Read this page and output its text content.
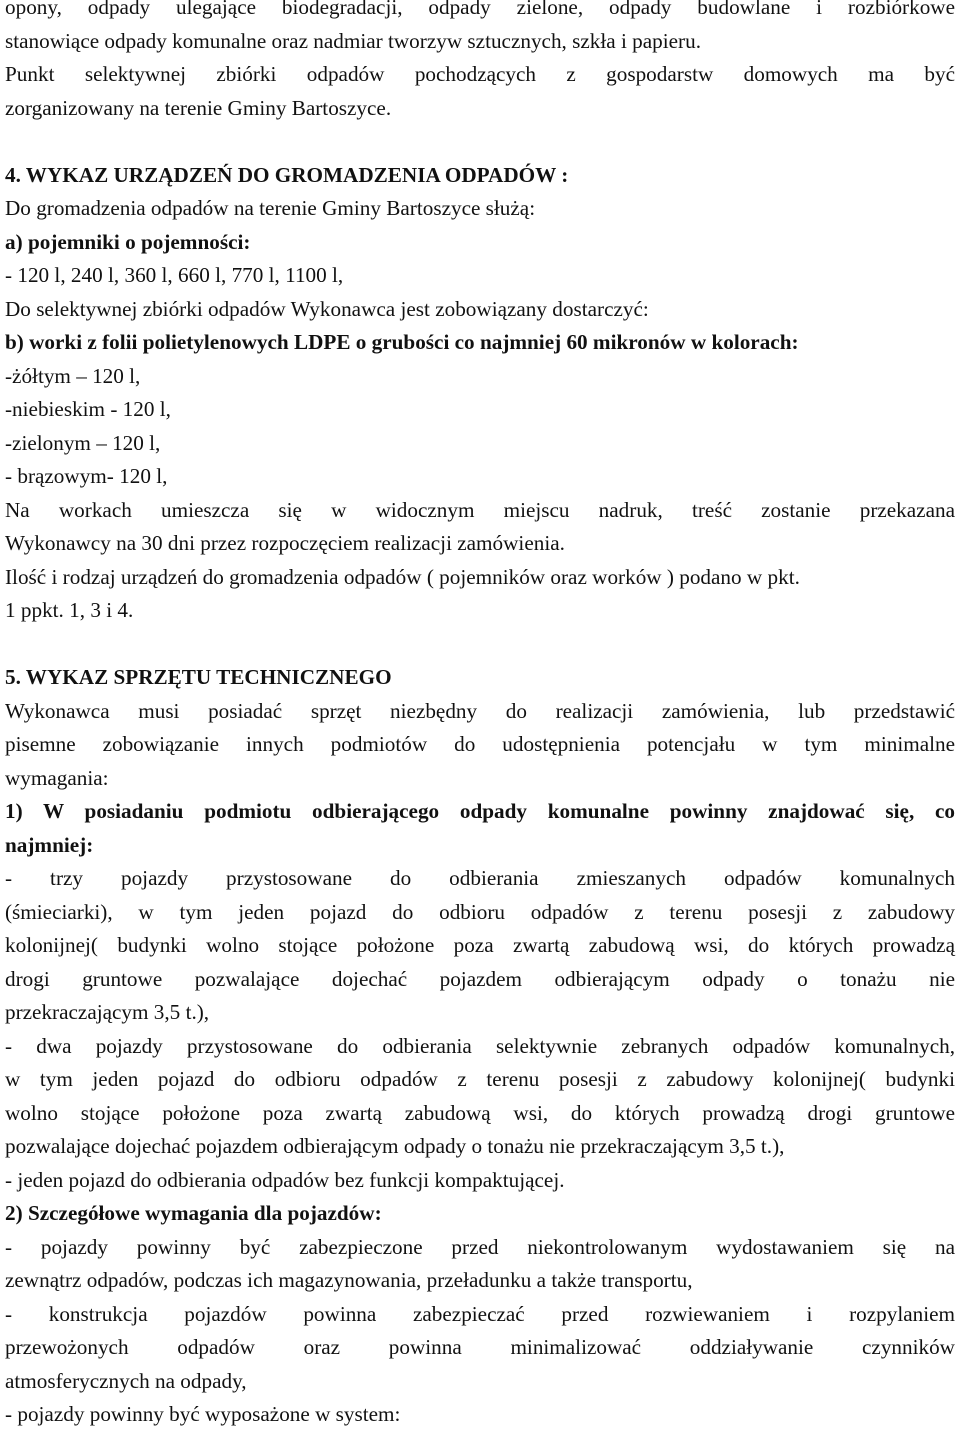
opony, odpady ulegające biodegradacji, odpady zielone, odpady budowlane i rozbiórkowe
stanowiące odpady komunalne oraz nadmiar tworzyw sztucznych, szkła i papieru.
Punkt selektywnej zbiórki odpadów pochodzących z gospodarstw domowych ma być
zorganizowany na terenie Gminy Bartoszyce.
4. WYKAZ URZĄDZEŃ DO GROMADZENIA ODPADÓW :
Do gromadzenia odpadów na terenie Gminy Bartoszyce służą:
a) pojemniki o pojemności:
- 120 l, 240 l, 360 l, 660 l, 770 l, 1100 l,
Do selektywnej zbiórki odpadów Wykonawca jest zobowiązany dostarczyć:
b) worki z folii polietylenowych LDPE o grubości co najmniej 60 mikronów w kolorach:
-żółtym – 120 l,
-niebieskim - 120 l,
-zielonym – 120 l,
- brązowym- 120 l,
Na workach umieszcza się w widocznym miejscu nadruk, treść zostanie przekazana
Wykonawcy na 30 dni przez rozpoczęciem realizacji zamówienia.
Ilość i rodzaj urządzeń do gromadzenia odpadów ( pojemników oraz worków ) podano w pkt.
1 ppkt. 1, 3 i 4.
5. WYKAZ SPRZĘTU TECHNICZNEGO
Wykonawca musi posiadać sprzęt niezbędny do realizacji zamówienia, lub przedstawić
pisemne zobowiązanie innych podmiotów do udostępnienia potencjału w tym minimalne
wymagania:
1) W posiadaniu podmiotu odbierającego odpady komunalne powinny znajdować się, co
najmniej:
- trzy pojazdy przystosowane do odbierania zmieszanych odpadów komunalnych
(śmieciarki), w tym jeden pojazd do odbioru odpadów z terenu posesji z zabudowy
kolonijnej( budynki wolno stojące położone poza zwartą zabudową wsi, do których prowadzą
drogi gruntowe pozwalające dojechać pojazdem odbierającym odpady o tonażu nie
przekraczającym 3,5 t.),
- dwa pojazdy przystosowane do odbierania selektywnie zebranych odpadów komunalnych,
w tym jeden pojazd do odbioru odpadów z terenu posesji z zabudowy kolonijnej( budynki
wolno stojące położone poza zwartą zabudową wsi, do których prowadzą drogi gruntowe
pozwalające dojechać pojazdem odbierającym odpady o tonażu nie przekraczającym 3,5 t.),
- jeden pojazd do odbierania odpadów bez funkcji kompaktującej.
2) Szczegółowe wymagania dla pojazdów:
- pojazdy powinny być zabezpieczone przed niekontrolowanym wydostawaniem się na
zewnątrz odpadów, podczas ich magazynowania, przeładunku a także transportu,
- konstrukcja pojazdów powinna zabezpieczać przed rozwiewaniem i rozpylaniem
przewożonych odpadów oraz powinna minimalizować oddziaływanie czynników
atmosferycznych na odpady,
- pojazdy powinny być wyposażone w system:
